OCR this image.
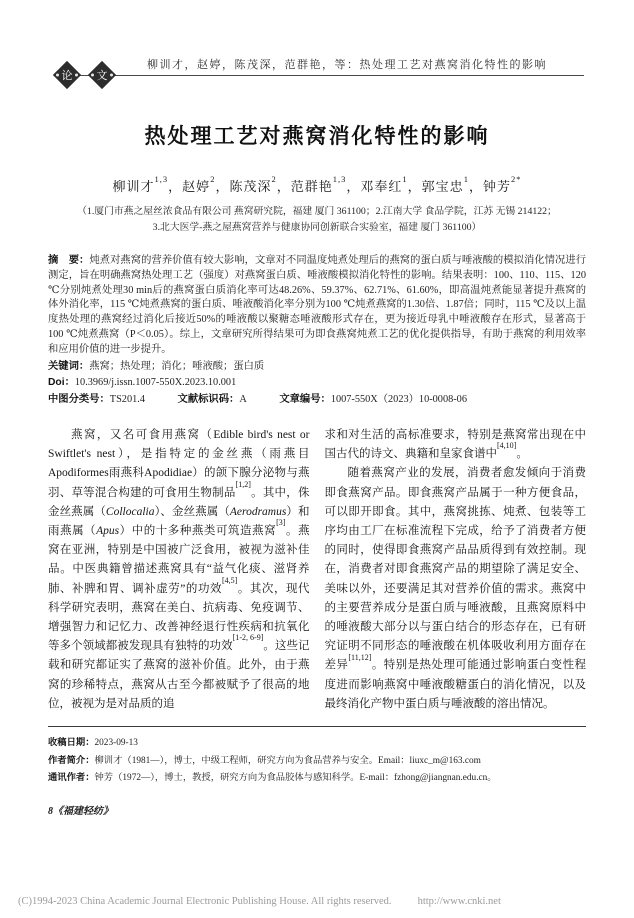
论	文
柳训才，赵婷，陈茂深，范群艳，等：热处理工艺对燕窝消化特性的影响
热处理工艺对燕窝消化特性的影响
柳训才$^{1,3}$，赵婷$^2$，陈茂深$^2$，范群艳$^{1,3}$，邓奉红$^1$，郭宝忠$^1$，钟芳$^{2*}$
（1.厦门市燕之屋丝浓食品有限公司 燕窝研究院，福建 厦门 361100；2.江南大学 食品学院，江苏 无锡 214122；
3.北大医学-燕之屋燕窝营养与健康协同创新联合实验室，福建 厦门 361100）
摘　要：炖煮对燕窝的营养价值有较大影响，文章对不同温度炖煮处理后的燕窝的蛋白质与唾液酸的模拟消化情况进行测定，旨在明确燕窝热处理工艺（强度）对燕窝蛋白质、唾液酸模拟消化特性的影响。结果表明：100、110、115、120 ℃分别炖煮处理30 min后的燕窝蛋白质消化率可达48.26%、59.37%、62.71%、61.60%，即高温炖煮能显著提升燕窝的体外消化率，115 ℃炖煮燕窝的蛋白质、唾液酸消化率分别为100 ℃炖煮燕窝的1.30倍、1.87倍；同时，115 ℃及以上温度热处理的燕窝经过消化后接近50%的唾液酸以聚糖态唾液酸形式存在，更为接近母乳中唾液酸存在形式，显著高于100 ℃炖煮燕窝（P＜0.05）。综上，文章研究所得结果可为即食燕窝炖煮工艺的优化提供指导，有助于燕窝的利用效率和应用价值的进一步提升。
关键词：燕窝；热处理；消化；唾液酸；蛋白质
Doi：10.3969/j.issn.1007-550X.2023.10.001
中图分类号：TS201.4	文献标识码：A	文章编号：1007-550X（2023）10-0008-06

燕窝，又名可食用燕窝（Edible bird's nest or Swiftlet's nest），是指特定的金丝燕（雨燕目Apodiformes雨燕科Apodidiae）的颌下腺分泌物与燕羽、草等混合构建的可食用生物制品[1,2]。其中，侏金丝燕属（Collocalia）、金丝燕属（Aerodramus）和雨燕属（Apus）中的十多种燕类可筑造燕窝[3]。燕窝在亚洲，特别是中国被广泛食用，被视为滋补佳品。中医典籍曾描述燕窝具有“益气化痰、滋肾养肺、补脾和胃、调补虚劳”的功效[4,5]。其次，现代科学研究表明，燕窝在美白、抗病毒、免疫调节、增强智力和记忆力、改善神经退行性疾病和抗氧化等多个领域都被发现具有独特的功效[1-2, 6-9]。这些记载和研究都证实了燕窝的滋补价值。此外，由于燕窝的珍稀特点，燕窝从古至今都被赋予了很高的地位，被视为是对品质的追

求和对生活的高标准要求，特别是燕窝常出现在中国古代的诗文、典籍和皇家食谱中[4,10]。

随着燕窝产业的发展，消费者愈发倾向于消费即食燕窝产品。即食燕窝产品属于一种方便食品，可以即开即食。其中，燕窝挑拣、炖煮、包装等工序均由工厂在标准流程下完成，给予了消费者方便的同时，使得即食燕窝产品品质得到有效控制。现在，消费者对即食燕窝产品的期望除了满足安全、美味以外，还要满足其对营养价值的需求。燕窝中的主要营养成分是蛋白质与唾液酸，且燕窝原料中的唾液酸大部分以与蛋白结合的形态存在，已有研究证明不同形态的唾液酸在机体吸收利用方面存在差异[11,12]。特别是热处理可能通过影响蛋白变性程度进而影响燕窝中唾液酸糖蛋白的消化情况，以及最终消化产物中蛋白质与唾液酸的溶出情况。

收稿日期：2023-09-13
作者简介：柳训才（1981—），博士，中级工程师，研究方向为食品营养与安全。Email：liuxc_m@163.com
通讯作者：钟芳（1972—），博士，教授，研究方向为食品胶体与感知科学。E-mail：fzhong@jiangnan.edu.cn。
8《福建轻纺》
(C)1994-2023 China Academic Journal Electronic Publishing House. All rights reserved. http://www.cnki.net
